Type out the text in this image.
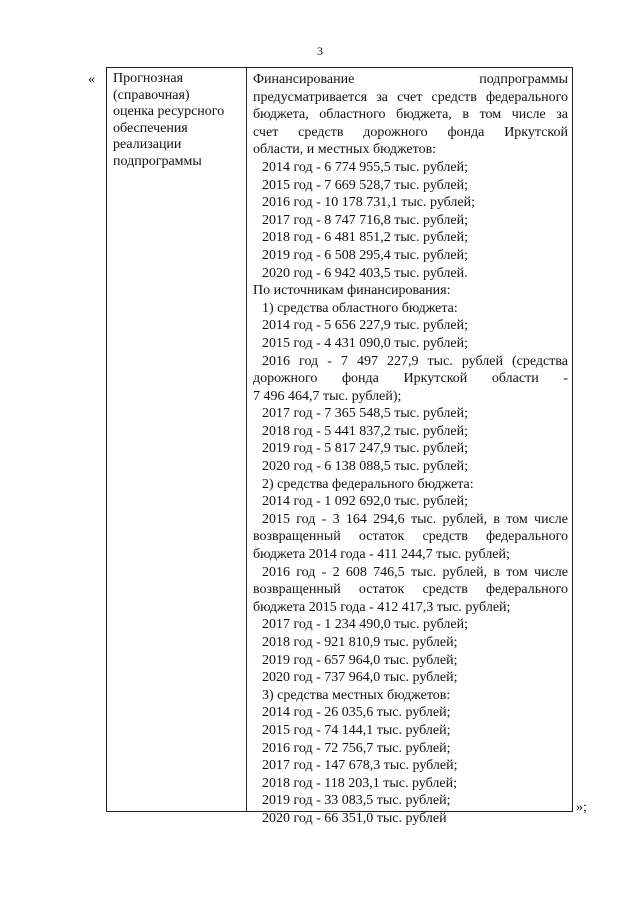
3
« Прогнозная
(справочная)
оценка ресурсного
обеспечения
реализации
подпрограммы
Финансирование подпрограммы
предусматривается за счет средств федерального
бюджета, областного бюджета, в том числе за
счет средств дорожного фонда Иркутской
области, и местных бюджетов:
2014 год - 6 774 955,5 тыс. рублей;
2015 год - 7 669 528,7 тыс. рублей;
2016 год - 10 178 731,1 тыс. рублей;
2017 год - 8 747 716,8 тыс. рублей;
2018 год - 6 481 851,2 тыс. рублей;
2019 год - 6 508 295,4 тыс. рублей;
2020 год - 6 942 403,5 тыс. рублей.
По источникам финансирования:
1) средства областного бюджета:
2014 год - 5 656 227,9 тыс. рублей;
2015 год - 4 431 090,0 тыс. рублей;
2016 год - 7 497 227,9 тыс. рублей (средства
дорожного фонда Иркутской области -
7 496 464,7 тыс. рублей);
2017 год - 7 365 548,5 тыс. рублей;
2018 год - 5 441 837,2 тыс. рублей;
2019 год - 5 817 247,9 тыс. рублей;
2020 год - 6 138 088,5 тыс. рублей;
2) средства федерального бюджета:
2014 год - 1 092 692,0 тыс. рублей;
2015 год - 3 164 294,6 тыс. рублей, в том числе
возвращенный остаток средств федерального
бюджета 2014 года - 411 244,7 тыс. рублей;
2016 год - 2 608 746,5 тыс. рублей, в том числе
возвращенный остаток средств федерального
бюджета 2015 года - 412 417,3 тыс. рублей;
2017 год - 1 234 490,0 тыс. рублей;
2018 год - 921 810,9 тыс. рублей;
2019 год - 657 964,0 тыс. рублей;
2020 год - 737 964,0 тыс. рублей;
3) средства местных бюджетов:
2014 год - 26 035,6 тыс. рублей;
2015 год - 74 144,1 тыс. рублей;
2016 год - 72 756,7 тыс. рублей;
2017 год - 147 678,3 тыс. рублей;
2018 год - 118 203,1 тыс. рублей;
2019 год - 33 083,5 тыс. рублей;
2020 год - 66 351,0 тыс. рублей
»;
